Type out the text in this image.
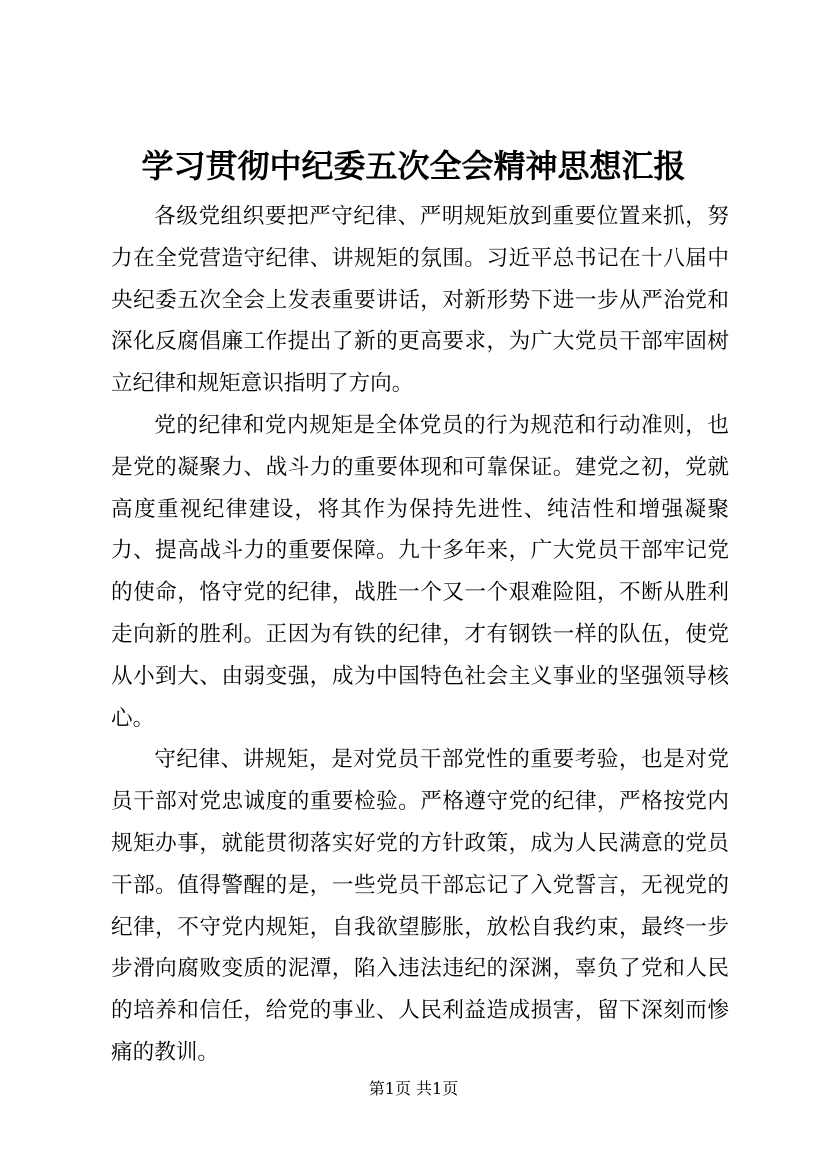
学习贯彻中纪委五次全会精神思想汇报

各级党组织要把严守纪律、严明规矩放到重要位置来抓，努力在全党营造守纪律、讲规矩的氛围。习近平总书记在十八届中央纪委五次全会上发表重要讲话，对新形势下进一步从严治党和深化反腐倡廉工作提出了新的更高要求，为广大党员干部牢固树立纪律和规矩意识指明了方向。

党的纪律和党内规矩是全体党员的行为规范和行动准则，也是党的凝聚力、战斗力的重要体现和可靠保证。建党之初，党就高度重视纪律建设，将其作为保持先进性、纯洁性和增强凝聚力、提高战斗力的重要保障。九十多年来，广大党员干部牢记党的使命，恪守党的纪律，战胜一个又一个艰难险阻，不断从胜利走向新的胜利。正因为有铁的纪律，才有钢铁一样的队伍，使党从小到大、由弱变强，成为中国特色社会主义事业的坚强领导核心。

守纪律、讲规矩，是对党员干部党性的重要考验，也是对党员干部对党忠诚度的重要检验。严格遵守党的纪律，严格按党内规矩办事，就能贯彻落实好党的方针政策，成为人民满意的党员干部。值得警醒的是，一些党员干部忘记了入党誓言，无视党的纪律，不守党内规矩，自我欲望膨胀，放松自我约束，最终一步步滑向腐败变质的泥潭，陷入违法违纪的深渊，辜负了党和人民的培养和信任，给党的事业、人民利益造成损害，留下深刻而惨痛的教训。

第1页 共1页
